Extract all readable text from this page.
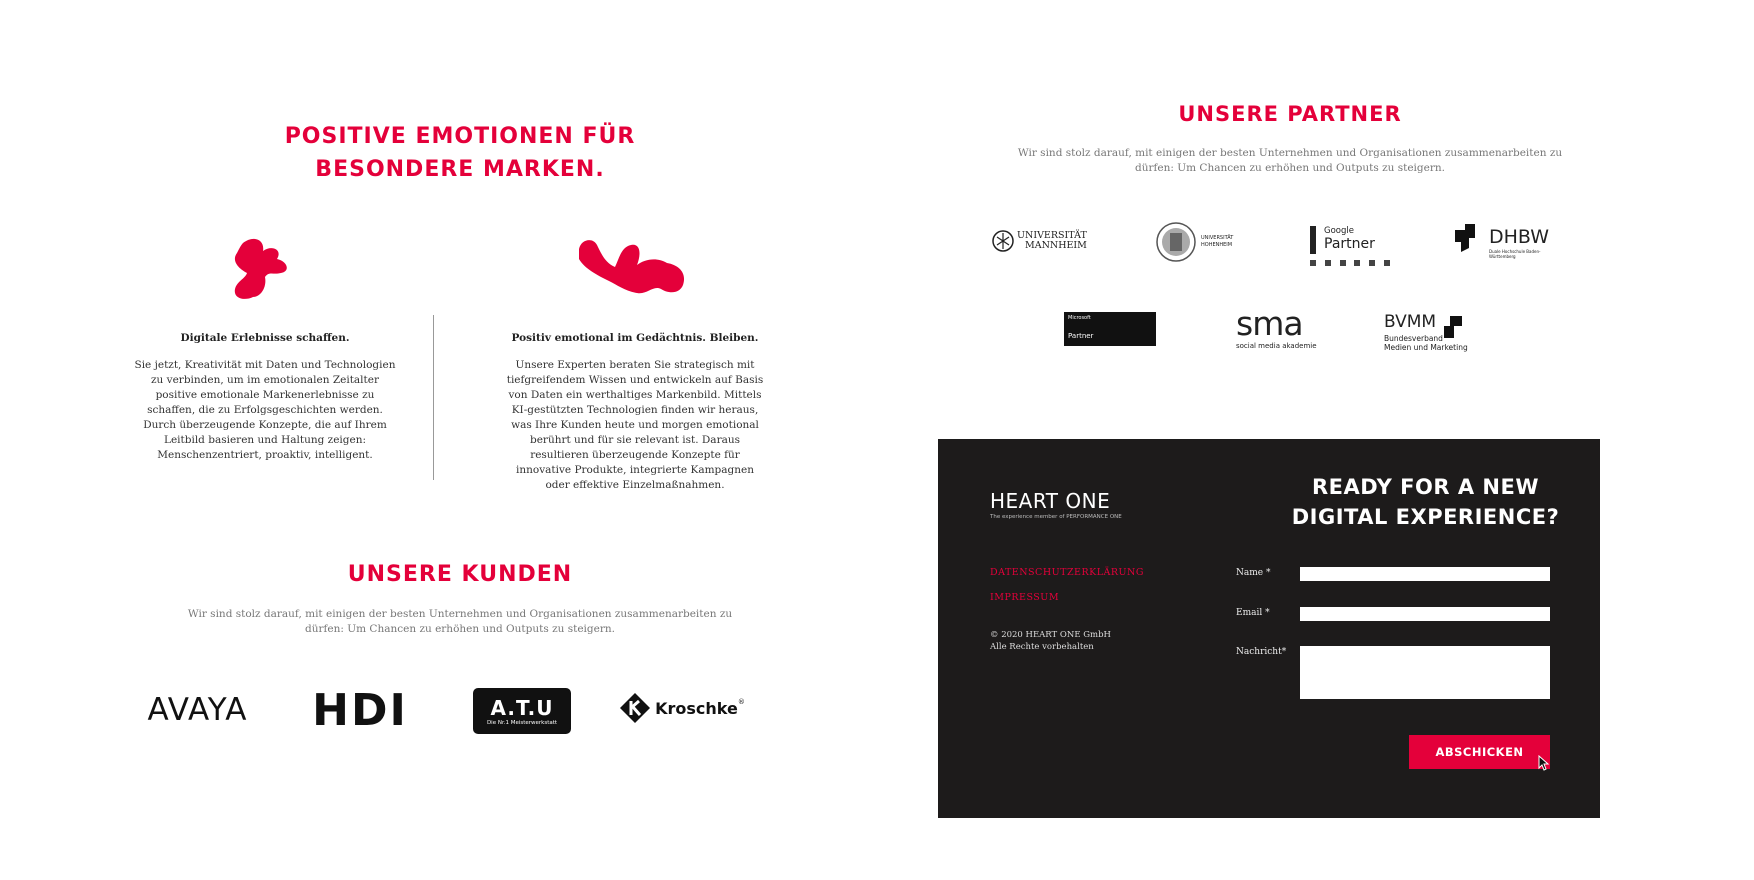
POSITIVE EMOTIONEN FÜR
BESONDERE MARKEN.
Digitale Erlebnisse schaffen.
Sie jetzt, Kreativität mit Daten und Technologien
zu verbinden, um im emotionalen Zeitalter
positive emotionale Markenerlebnisse zu
schaffen, die zu Erfolgsgeschichten werden.
Durch überzeugende Konzepte, die auf Ihrem
Leitbild basieren und Haltung zeigen:
Menschenzentriert, proaktiv, intelligent.
Positiv emotional im Gedächtnis. Bleiben.
Unsere Experten beraten Sie strategisch mit
tiefgreifendem Wissen und entwickeln auf Basis
von Daten ein werthaltiges Markenbild. Mittels
KI-gestützten Technologien finden wir heraus,
was Ihre Kunden heute und morgen emotional
berührt und für sie relevant ist. Daraus
resultieren überzeugende Konzepte für
innovative Produkte, integrierte Kampagnen
oder effektive Einzelmaßnahmen.
UNSERE KUNDEN
Wir sind stolz darauf, mit einigen der besten Unternehmen und Organisationen zusammenarbeiten zu
dürfen: Um Chancen zu erhöhen und Outputs zu steigern.
AVAYA HDI	A.T.U
Die Nr.1 Meisterwerkstatt
Kroschke ®
UNSERE PARTNER
Wir sind stolz darauf, mit einigen der besten Unternehmen und Organisationen zusammenarbeiten zu
dürfen: Um Chancen zu erhöhen und Outputs zu steigern.
UNIVERSITÄT
MANNHEIM
UNIVERSITÄT HOHENHEIM
Google
Partner	DHBW
Duale Hochschule Baden-Württemberg
Microsoft
Partner	sma
social media akademie
BVMM
Bundesverband
Medien und Marketing
HEART ONE
The experience member of PERFORMANCE ONE
DATENSCHUTZERKLÄRUNG
IMPRESSUM
© 2020 HEART ONE GmbH
Alle Rechte vorbehalten
READY FOR A NEW
DIGITAL EXPERIENCE?
Name *
Email *
Nachricht*
ABSCHICKEN
